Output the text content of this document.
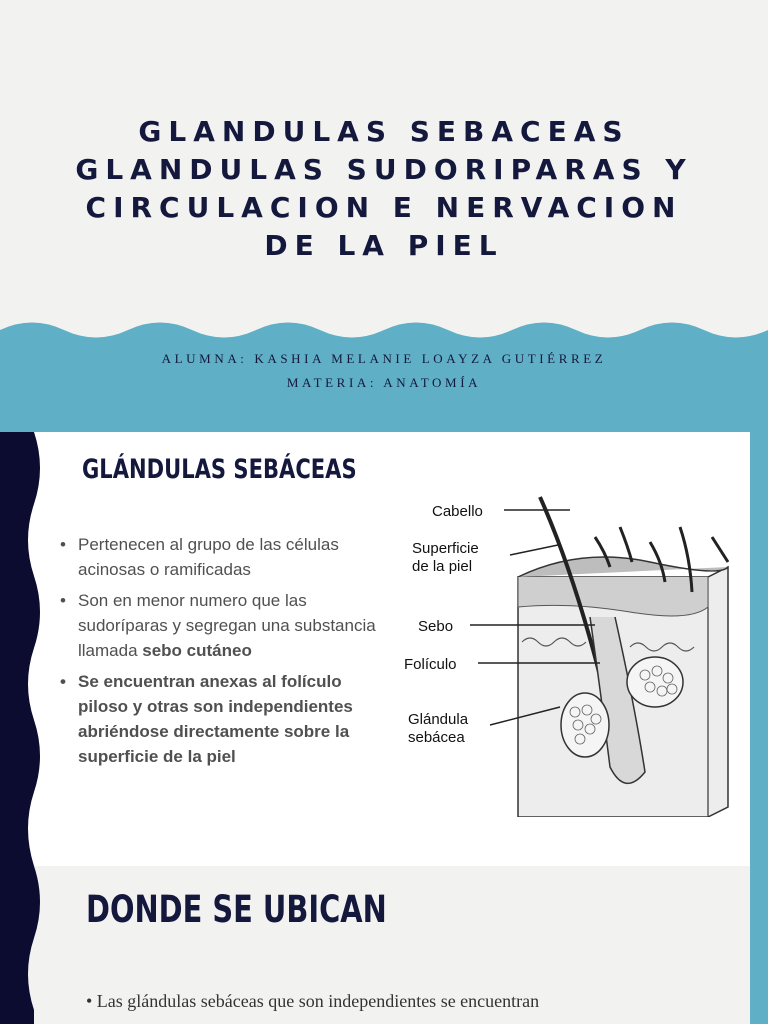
GLANDULAS SEBACEAS
GLANDULAS SUDORIPARAS Y
CIRCULACION E NERVACION
DE LA PIEL
ALUMNA: KASHIA MELANIE LOAYZA GUTIÉRREZ
MATERIA: ANATOMÍA
GLÁNDULAS SEBÁCEAS
• Pertenecen al grupo de las células acinosas o ramificadas
• Son en menor numero que las sudoríparas y segregan una substancia llamada sebo cutáneo
• Se encuentran anexas al folículo piloso y otras son independientes abriéndose directamente sobre la superficie de la piel
Cabello
Superficie
de la piel
Sebo
Folículo
Glándula
sebácea
DONDE SE UBICAN
• Las glándulas sebáceas que son independientes se encuentran
